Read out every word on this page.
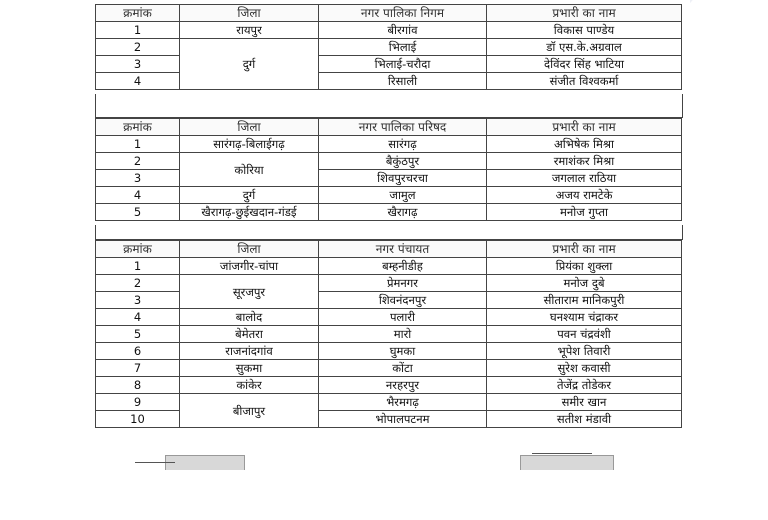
क्रमांक	जिला	नगर पालिका निगम	प्रभारी का नाम
1	रायपुर	बीरगांव	विकास पाण्डेय
2	दुर्ग	भिलाई	डॉ एस.के.अग्रवाल
3		भिलाई-चरौदा	देविंदर सिंह भाटिया
4		रिसाली	संजीत विश्वकर्मा
क्रमांक	जिला	नगर पालिका परिषद	प्रभारी का नाम
1	सारंगढ़-बिलाईगढ़	सारंगढ़	अभिषेक मिश्रा
2	कोरिया	बैकुंठपुर	रमाशंकर मिश्रा
3		शिवपुरचरचा	जगलाल राठिया
4	दुर्ग	जामुल	अजय रामटेके
5	खैरागढ़-छुईखदान-गंडई	खैरागढ़	मनोज गुप्ता
क्रमांक	जिला	नगर पंचायत	प्रभारी का नाम
1	जांजगीर-चांपा	बम्हनीडीह	प्रियंका शुक्ला
2	सूरजपुर	प्रेमनगर	मनोज दुबे
3		शिवनंदनपुर	सीताराम मानिकपुरी
4	बालोद	पलारी	घनश्याम चंद्राकर
5	बेमेतरा	मारो	पवन चंद्रवंशी
6	राजनांदगांव	घुमका	भूपेश तिवारी
7	सुकमा	कोंटा	सुरेश कवासी
8	कांकेर	नरहरपुर	तेजेंद्र तोडेकर
9	बीजापुर	भैरमगढ़	समीर खान
10		भोपालपटनम	सतीश मंडावी
